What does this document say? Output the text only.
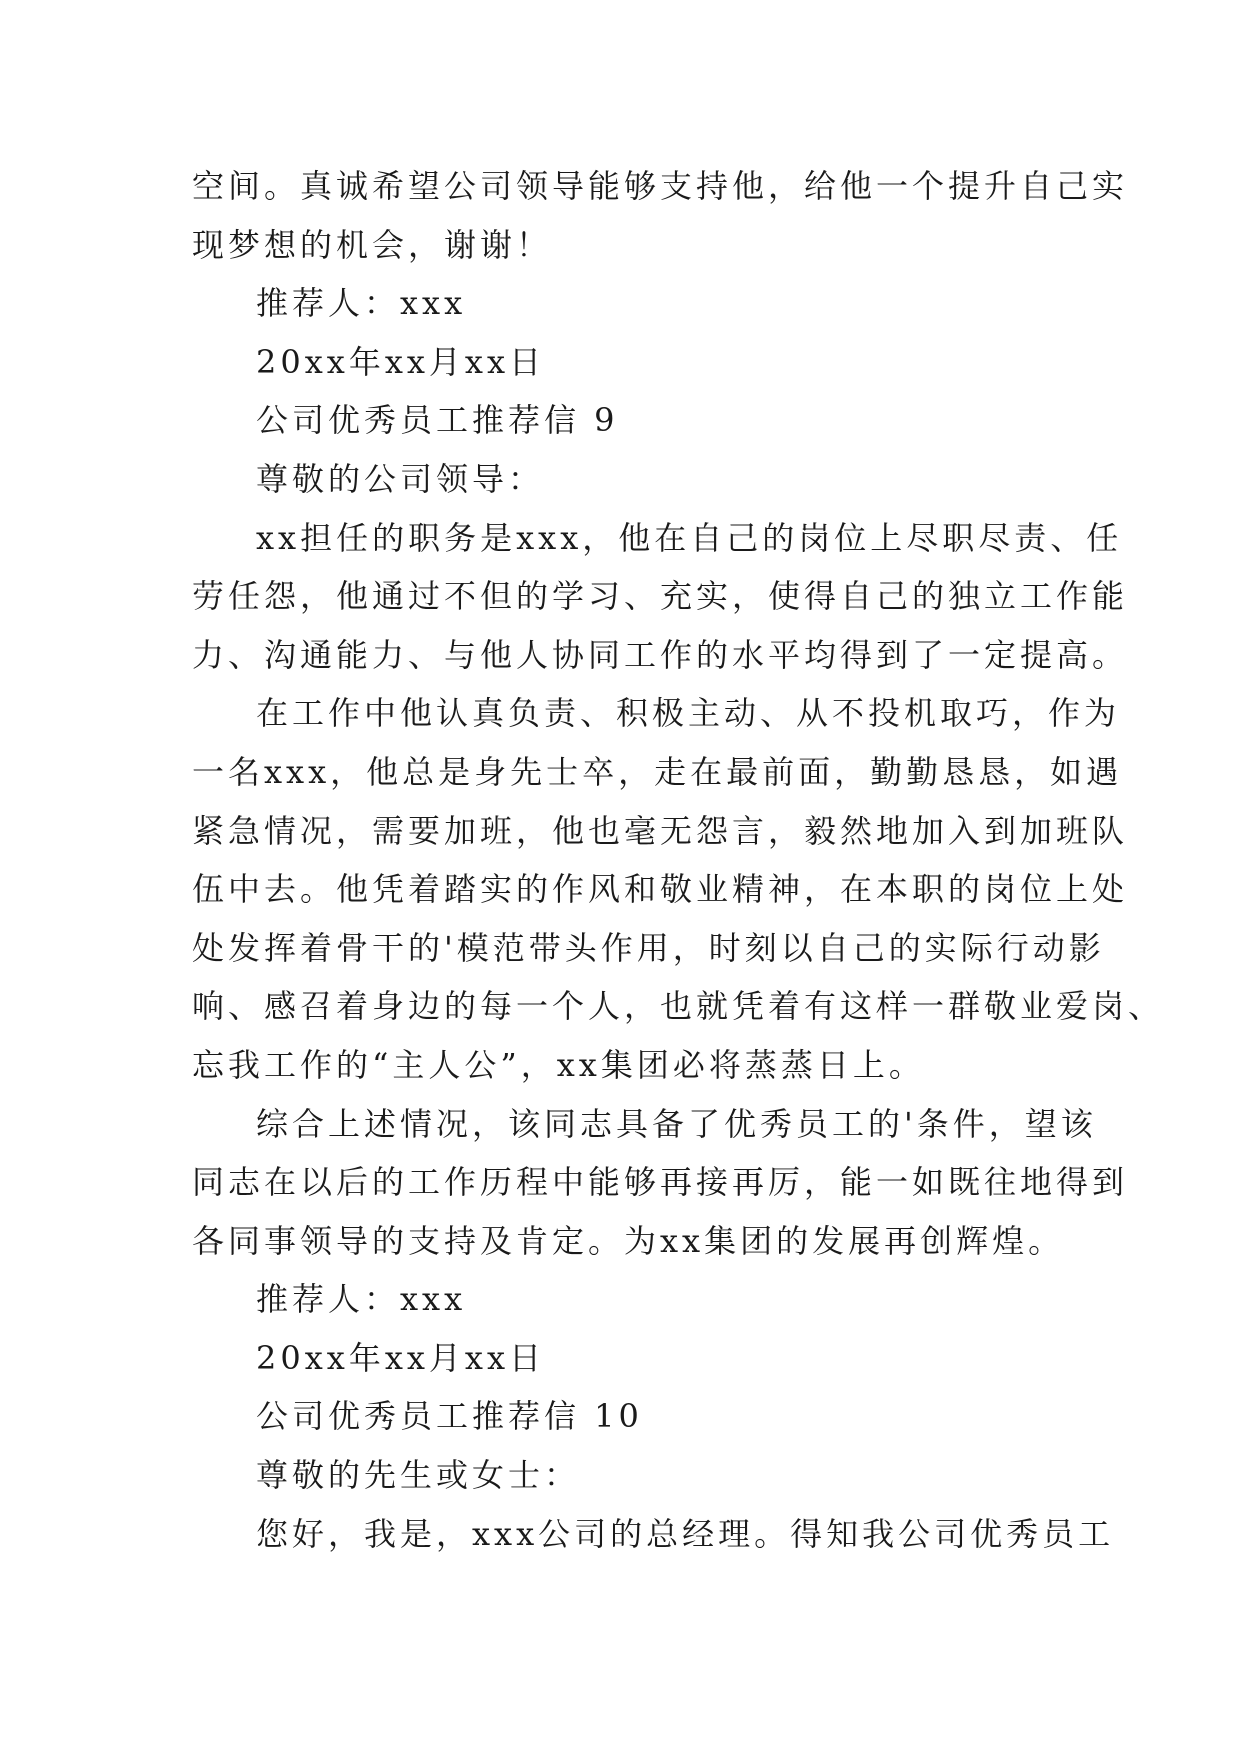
空间。真诚希望公司领导能够支持他，给他一个提升自己实
现梦想的机会，谢谢！
推荐人：xxx
20xx年xx月xx日
公司优秀员工推荐信 9
尊敬的公司领导：
xx担任的职务是xxx，他在自己的岗位上尽职尽责、任
劳任怨，他通过不但的学习、充实，使得自己的独立工作能
力、沟通能力、与他人协同工作的水平均得到了一定提高。
在工作中他认真负责、积极主动、从不投机取巧，作为
一名xxx，他总是身先士卒，走在最前面，勤勤恳恳，如遇
紧急情况，需要加班，他也毫无怨言，毅然地加入到加班队
伍中去。他凭着踏实的作风和敬业精神，在本职的岗位上处
处发挥着骨干的'模范带头作用，时刻以自己的实际行动影
响、感召着身边的每一个人，也就凭着有这样一群敬业爱岗、
忘我工作的“主人公”，xx集团必将蒸蒸日上。
综合上述情况，该同志具备了优秀员工的'条件，望该
同志在以后的工作历程中能够再接再厉，能一如既往地得到
各同事领导的支持及肯定。为xx集团的发展再创辉煌。
推荐人：xxx
20xx年xx月xx日
公司优秀员工推荐信 10
尊敬的先生或女士：
您好，我是，xxx公司的总经理。得知我公司优秀员工
